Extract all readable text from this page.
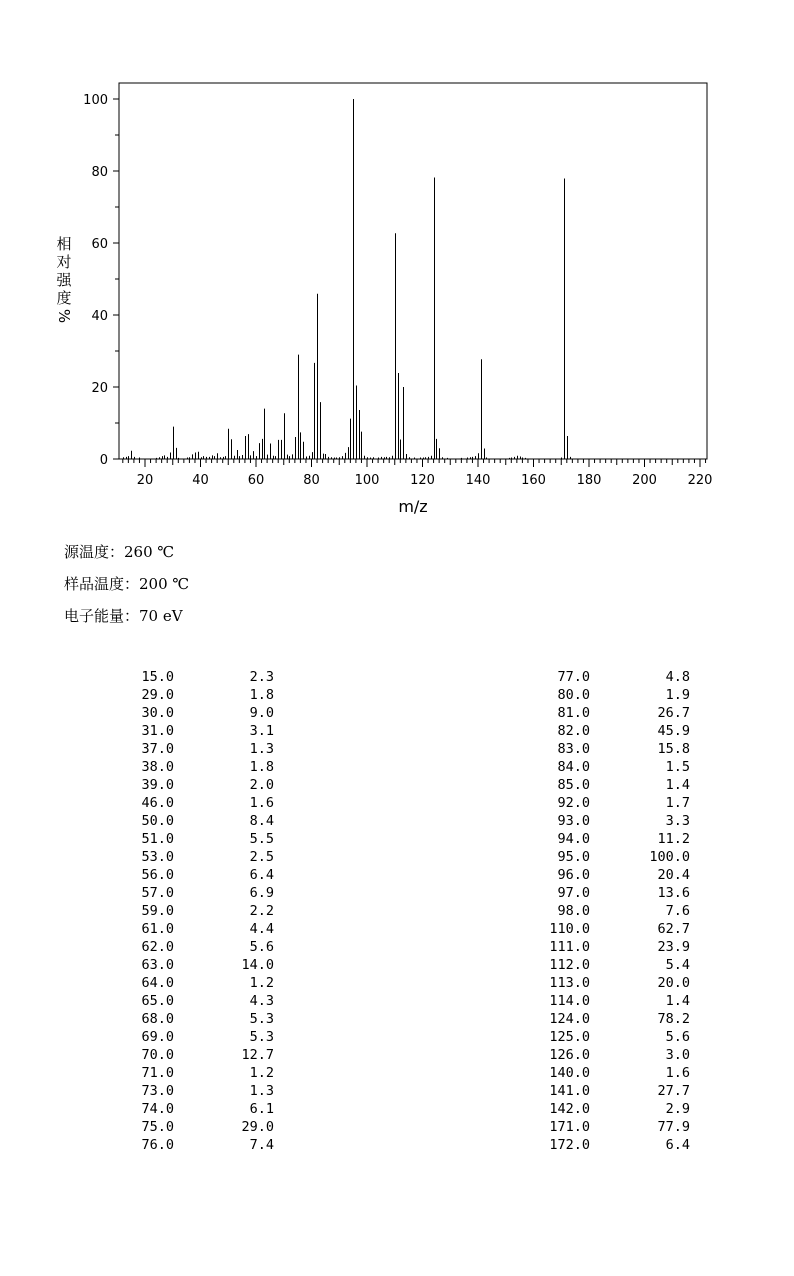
0
20
40
60
80
100
20	40	60	80	100 120 140 160 180 200 220
m/z
相
对
强
度
%
源温度：260 ℃
样品温度：200 ℃
电子能量：70 eV
15.0	2.3
29.0	1.8
30.0	9.0
31.0	3.1
37.0	1.3
38.0	1.8
39.0	2.0
46.0	1.6
50.0	8.4
51.0	5.5
53.0	2.5
56.0	6.4
57.0	6.9
59.0	2.2
61.0	4.4
62.0	5.6
63.0	14.0
64.0	1.2
65.0	4.3
68.0	5.3
69.0	5.3
70.0	12.7
71.0	1.2
73.0	1.3
74.0	6.1
75.0	29.0
76.0	7.4
77.0	4.8
80.0	1.9
81.0	26.7
82.0	45.9
83.0	15.8
84.0	1.5
85.0	1.4
92.0	1.7
93.0	3.3
94.0	11.2
95.0	100.0
96.0	20.4
97.0	13.6
98.0	7.6
110.0	62.7
111.0	23.9
112.0	5.4
113.0	20.0
114.0	1.4
124.0	78.2
125.0	5.6
126.0	3.0
140.0	1.6
141.0	27.7
142.0	2.9
171.0	77.9
172.0	6.4
